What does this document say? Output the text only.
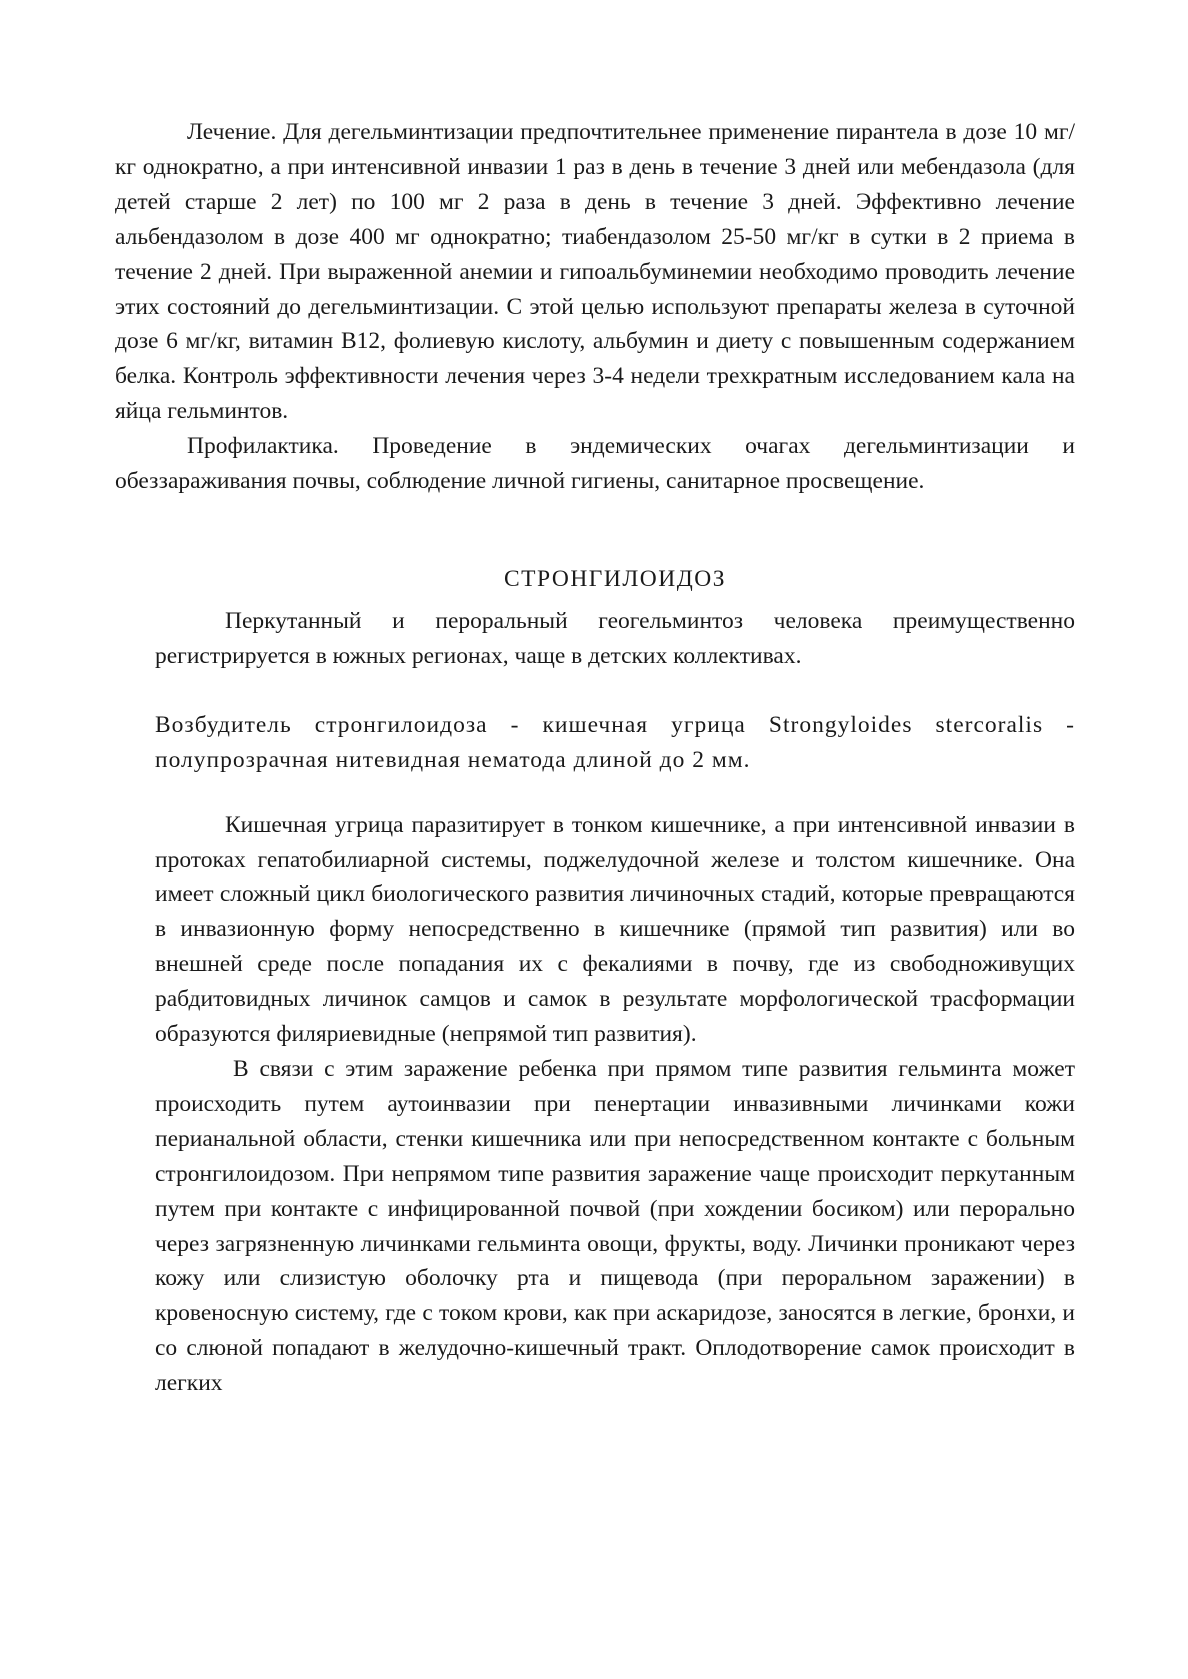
Лечение. Для дегельминтизации предпочтительнее применение пирантела в дозе 10 мг/кг однократно, а при интенсивной инвазии 1 раз в день в течение 3 дней или мебендазола (для детей старше 2 лет) по 100 мг 2 раза в день в течение 3 дней. Эффективно лечение альбендазолом в дозе 400 мг однократно; тиабендазолом 25-50 мг/кг в сутки в 2 приема в течение 2 дней. При выраженной анемии и гипоальбуминемии необходимо проводить лечение этих состояний до дегельминтизации. С этой целью используют препараты железа в суточной дозе 6 мг/кг, витамин В12, фолиевую кислоту, альбумин и диету с повышенным содержанием белка. Контроль эффективности лечения через 3-4 недели трехкратным исследованием кала на яйца гельминтов.

Профилактика. Проведение в эндемических очагах дегельминтизации и обеззараживания почвы, соблюдение личной гигиены, санитарное просвещение.

СТРОНГИЛОИДОЗ

Перкутанный и пероральный геогельминтоз человека преимущественно регистрируется в южных регионах, чаще в детских коллективах.

Возбудитель стронгилоидоза - кишечная угрица Strongyloides stercoralis - полупрозрачная нитевидная нематода длиной до 2 мм.

Кишечная угрица паразитирует в тонком кишечнике, а при интенсивной инвазии в протоках гепатобилиарной системы, поджелудочной железе и толстом кишечнике. Она имеет сложный цикл биологического развития личиночных стадий, которые превращаются в инвазионную форму непосредственно в кишечнике (прямой тип развития) или во внешней среде после попадания их с фекалиями в почву, где из свободноживущих рабдитовидных личинок самцов и самок в результате морфологической трасформации образуются филяриевидные (непрямой тип развития).

В связи с этим заражение ребенка при прямом типе развития гельминта может происходить путем аутоинвазии при пенертации инвазивными личинками кожи перианальной области, стенки кишечника или при непосредственном контакте с больным стронгилоидозом. При непрямом типе развития заражение чаще происходит перкутанным путем при контакте с инфицированной почвой (при хождении босиком) или перорально через загрязненную личинками гельминта овощи, фрукты, воду. Личинки проникают через кожу или слизистую оболочку рта и пищевода (при пероральном заражении) в кровеносную систему, где с током крови, как при аскаридозе, заносятся в легкие, бронхи, и со слюной попадают в желудочно-кишечный тракт. Оплодотворение самок происходит в легких
